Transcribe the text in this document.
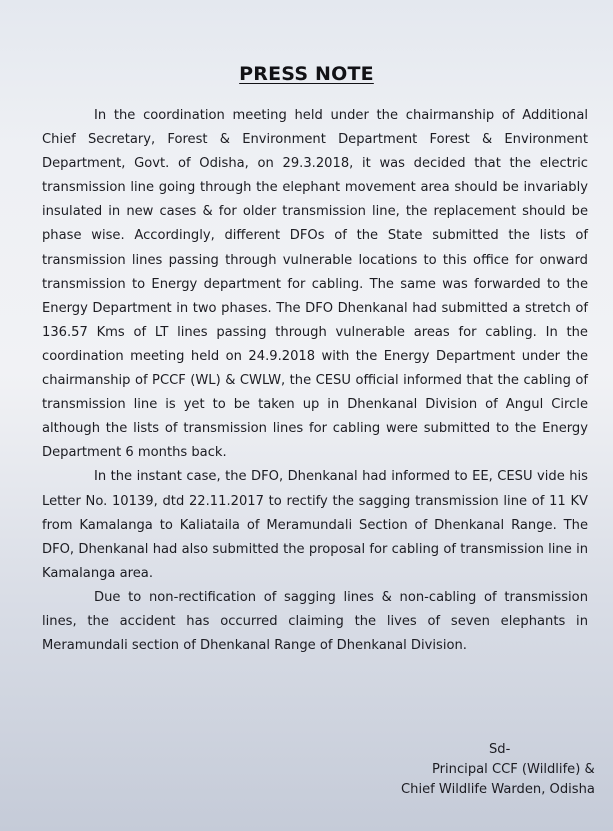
PRESS NOTE

In the coordination meeting held under the chairmanship of Additional Chief Secretary, Forest & Environment Department Forest & Environment Department, Govt. of Odisha, on 29.3.2018, it was decided that the electric transmission line going through the elephant movement area should be invariably insulated in new cases & for older transmission line, the replacement should be phase wise. Accordingly, different DFOs of the State submitted the lists of transmission lines passing through vulnerable locations to this office for onward transmission to Energy department for cabling. The same was forwarded to the Energy Department in two phases. The DFO Dhenkanal had submitted a stretch of 136.57 Kms of LT lines passing through vulnerable areas for cabling. In the coordination meeting held on 24.9.2018 with the Energy Department under the chairmanship of PCCF (WL) & CWLW, the CESU official informed that the cabling of transmission line is yet to be taken up in Dhenkanal Division of Angul Circle although the lists of transmission lines for cabling were submitted to the Energy Department 6 months back.

In the instant case, the DFO, Dhenkanal had informed to EE, CESU vide his Letter No. 10139, dtd 22.11.2017 to rectify the sagging transmission line of 11 KV from Kamalanga to Kaliataila of Meramundali Section of Dhenkanal Range. The DFO, Dhenkanal had also submitted the proposal for cabling of transmission line in Kamalanga area.

Due to non-rectification of sagging lines & non-cabling of transmission lines, the accident has occurred claiming the lives of seven elephants in Meramundali section of Dhenkanal Range of Dhenkanal Division.

Sd-
Principal CCF (Wildlife) &
Chief Wildlife Warden, Odisha
